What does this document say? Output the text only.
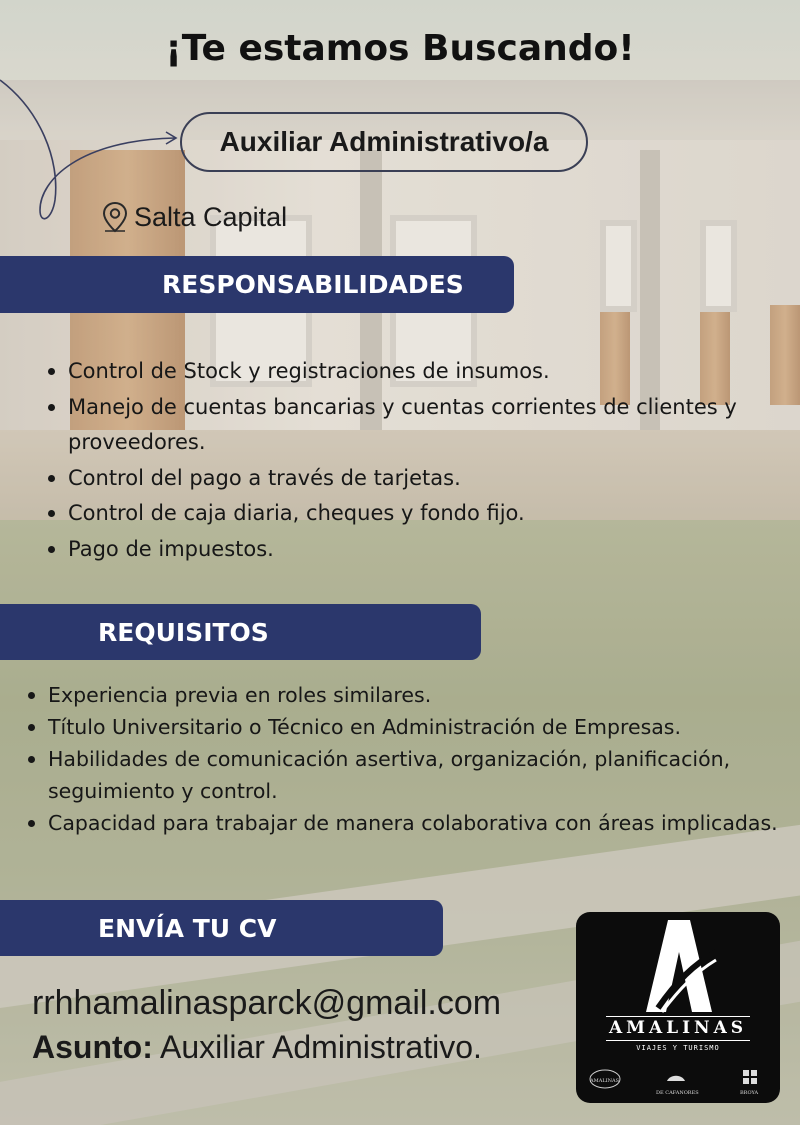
¡Te estamos Buscando!
Auxiliar Administrativo/a
Salta Capital
RESPONSABILIDADES
Control de Stock y registraciones de insumos.
Manejo de cuentas bancarias y cuentas corrientes de clientes y proveedores.
Control del pago a través de tarjetas.
Control de caja diaria, cheques y fondo fijo.
Pago de impuestos.
REQUISITOS
Experiencia previa en roles similares.
Título Universitario o Técnico en Administración de Empresas.
Habilidades de comunicación asertiva, organización, planificación, seguimiento y control.
Capacidad para trabajar de manera colaborativa con áreas implicadas.
ENVÍA TU CV
rrhhamalinasparck@gmail.com
Asunto: Auxiliar Administrativo.
AMALINAS
VIAJES Y TURISMO
AMALINAS
DE CAFANORES	BROYA
